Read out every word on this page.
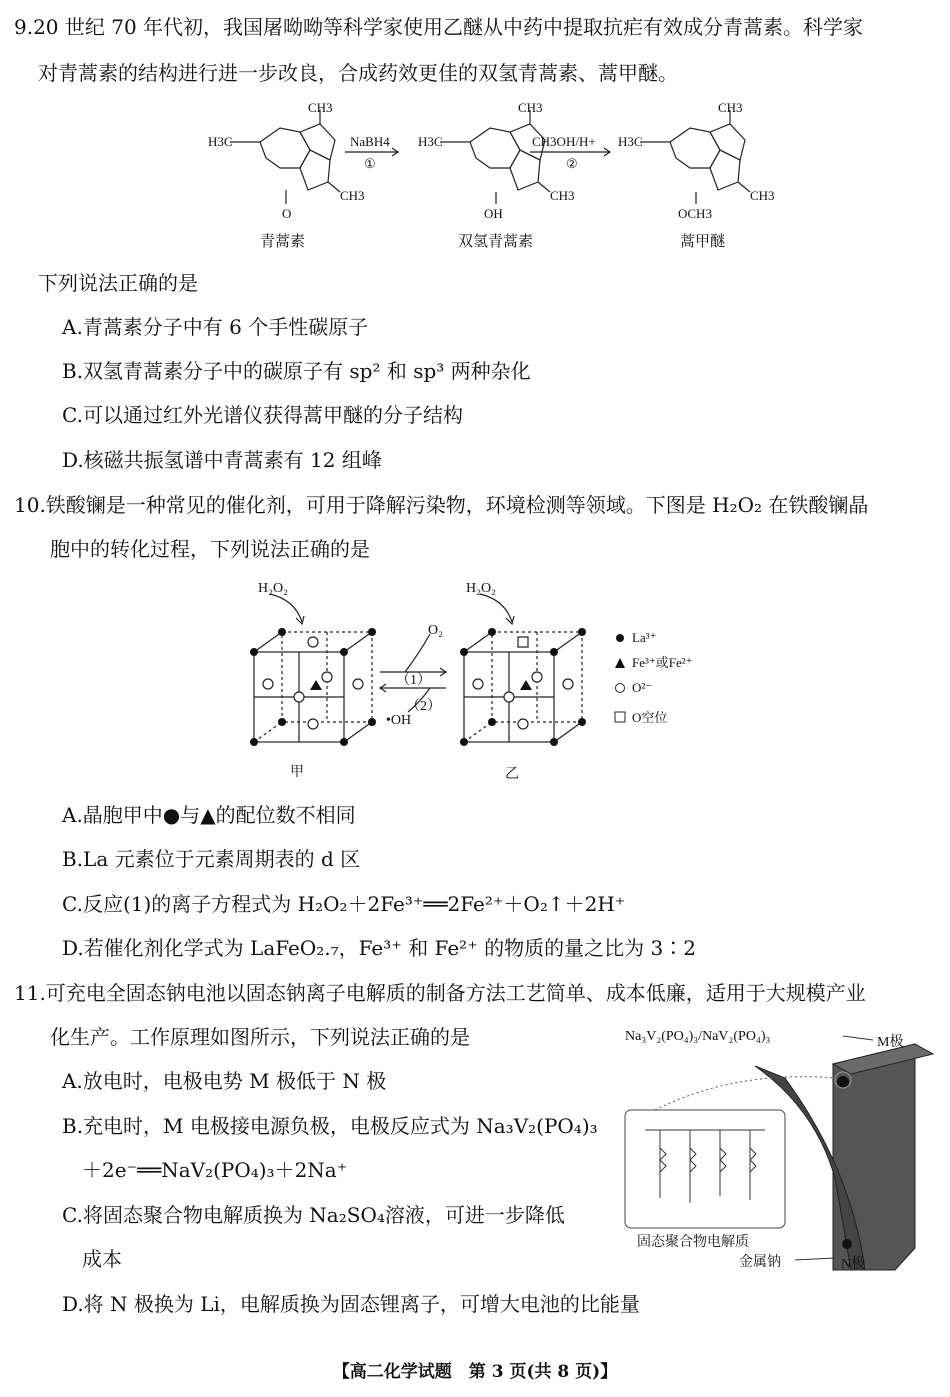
9.20 世纪 70 年代初，我国屠呦呦等科学家使用乙醚从中药中提取抗疟有效成分青蒿素。科学家
对青蒿素的结构进行进一步改良，合成药效更佳的双氢青蒿素、蒿甲醚。
H3C
CH3
CH3
O
H3C
CH3
CH3
OH
H3C
CH3
CH3
OCH3
NaBH4
①
CH3OH/H+
②
青蒿素	双氢青蒿素	蒿甲醚
下列说法正确的是
A.青蒿素分子中有 6 个手性碳原子
B.双氢青蒿素分子中的碳原子有 sp² 和 sp³ 两种杂化
C.可以通过红外光谱仪获得蒿甲醚的分子结构
D.核磁共振氢谱中青蒿素有 12 组峰
10.铁酸镧是一种常见的催化剂，可用于降解污染物，环境检测等领域。下图是 H₂O₂ 在铁酸镧晶
胞中的转化过程，下列说法正确的是
H₂O₂	H₂O₂
O₂
（1）
（2）
•OH
甲	乙
La³⁺
Fe³⁺或Fe²⁺
O²⁻
O空位
A.晶胞甲中●与▲的配位数不相同
B.La 元素位于元素周期表的 d 区
C.反应(1)的离子方程式为 H₂O₂＋2Fe³⁺══2Fe²⁺＋O₂↑＋2H⁺
D.若催化剂化学式为 LaFeO₂.₇，Fe³⁺ 和 Fe²⁺ 的物质的量之比为 3∶2
11.可充电全固态钠电池以固态钠离子电解质的制备方法工艺简单、成本低廉，适用于大规模产业
化生产。工作原理如图所示，下列说法正确的是
A.放电时，电极电势 M 极低于 N 极
B.充电时，M 电极接电源负极，电极反应式为 Na₃V₂(PO₄)₃
＋2e⁻══NaV₂(PO₄)₃＋2Na⁺
C.将固态聚合物电解质换为 Na₂SO₄溶液，可进一步降低
成本
D.将 N 极换为 Li，电解质换为固态锂离子，可增大电池的比能量
Na₃V₂(PO₄)₃/NaV₂(PO₄)₃	M极
固态聚合物电解质
金属钠	N极
【高二化学试题　第 3 页(共 8 页)】
